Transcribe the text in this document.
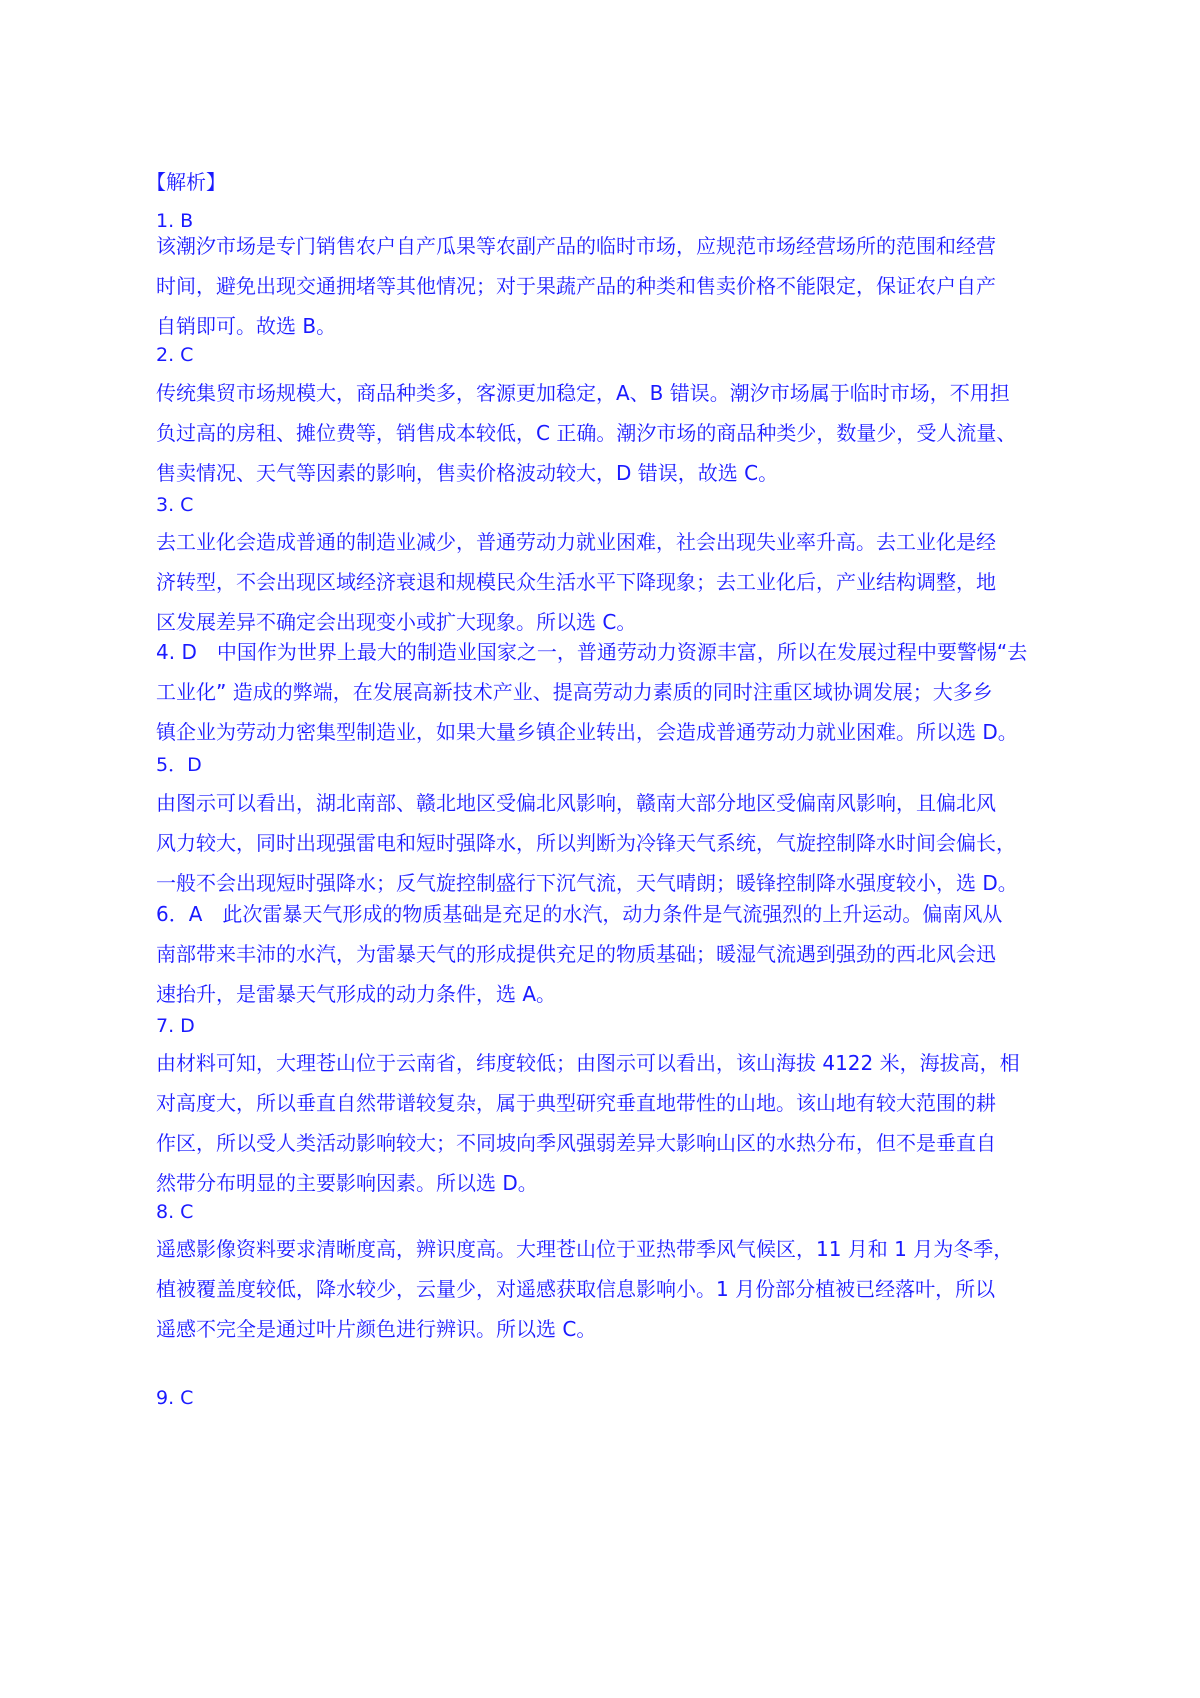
【解析】
1. B
该潮汐市场是专门销售农户自产瓜果等农副产品的临时市场，应规范市场经营场所的范围和经营
时间，避免出现交通拥堵等其他情况；对于果蔬产品的种类和售卖价格不能限定，保证农户自产
自销即可。故选 B。
2. C
传统集贸市场规模大，商品种类多，客源更加稳定，A、B 错误。潮汐市场属于临时市场，不用担
负过高的房租、摊位费等，销售成本较低，C 正确。潮汐市场的商品种类少，数量少，受人流量、
售卖情况、天气等因素的影响，售卖价格波动较大，D 错误，故选 C。
3. C
去工业化会造成普通的制造业减少，普通劳动力就业困难，社会出现失业率升高。去工业化是经
济转型，不会出现区域经济衰退和规模民众生活水平下降现象；去工业化后，产业结构调整，地
区发展差异不确定会出现变小或扩大现象。所以选 C。
4. D　中国作为世界上最大的制造业国家之一，普通劳动力资源丰富，所以在发展过程中要警惕“去
工业化” 造成的弊端，在发展高新技术产业、提高劳动力素质的同时注重区域协调发展；大多乡
镇企业为劳动力密集型制造业，如果大量乡镇企业转出，会造成普通劳动力就业困难。所以选 D。
5．D
由图示可以看出，湖北南部、赣北地区受偏北风影响，赣南大部分地区受偏南风影响，且偏北风
风力较大，同时出现强雷电和短时强降水，所以判断为冷锋天气系统，气旋控制降水时间会偏长，
一般不会出现短时强降水；反气旋控制盛行下沉气流，天气晴朗；暖锋控制降水强度较小，选 D。
6．A　此次雷暴天气形成的物质基础是充足的水汽，动力条件是气流强烈的上升运动。偏南风从
南部带来丰沛的水汽，为雷暴天气的形成提供充足的物质基础；暖湿气流遇到强劲的西北风会迅
速抬升，是雷暴天气形成的动力条件，选 A。
7. D
由材料可知，大理苍山位于云南省，纬度较低；由图示可以看出，该山海拔 4122 米，海拔高，相
对高度大，所以垂直自然带谱较复杂，属于典型研究垂直地带性的山地。该山地有较大范围的耕
作区，所以受人类活动影响较大；不同坡向季风强弱差异大影响山区的水热分布，但不是垂直自
然带分布明显的主要影响因素。所以选 D。
8. C
遥感影像资料要求清晰度高，辨识度高。大理苍山位于亚热带季风气候区，11 月和 1 月为冬季，
植被覆盖度较低，降水较少，云量少，对遥感获取信息影响小。1 月份部分植被已经落叶，所以
遥感不完全是通过叶片颜色进行辨识。所以选 C。
9. C
